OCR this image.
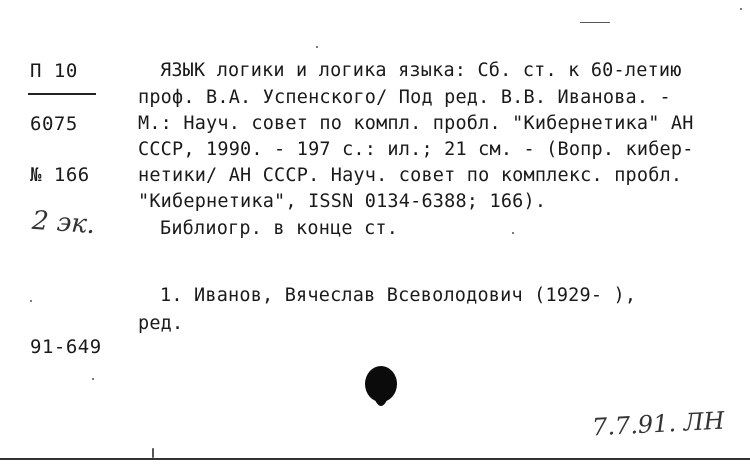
П 10
6075
№ 166
2 эк.
91-649
ЯЗЫК логики и логика языка: Сб. ст. к 60-летию
проф. В.А. Успенского/ Под ред. В.В. Иванова. -
М.: Науч. совет по компл. пробл. "Кибернетика" АН
СССР, 1990. - 197 с.: ил.; 21 см. - (Вопр. кибер-
нетики/ АН СССР. Науч. совет по комплекс. пробл.
"Кибернетика", ISSN 0134-6388; 166).
Библиогр. в конце ст.
1. Иванов, Вячеслав Всеволодович (1929- ),
ред.
7.7.91. ЛН
